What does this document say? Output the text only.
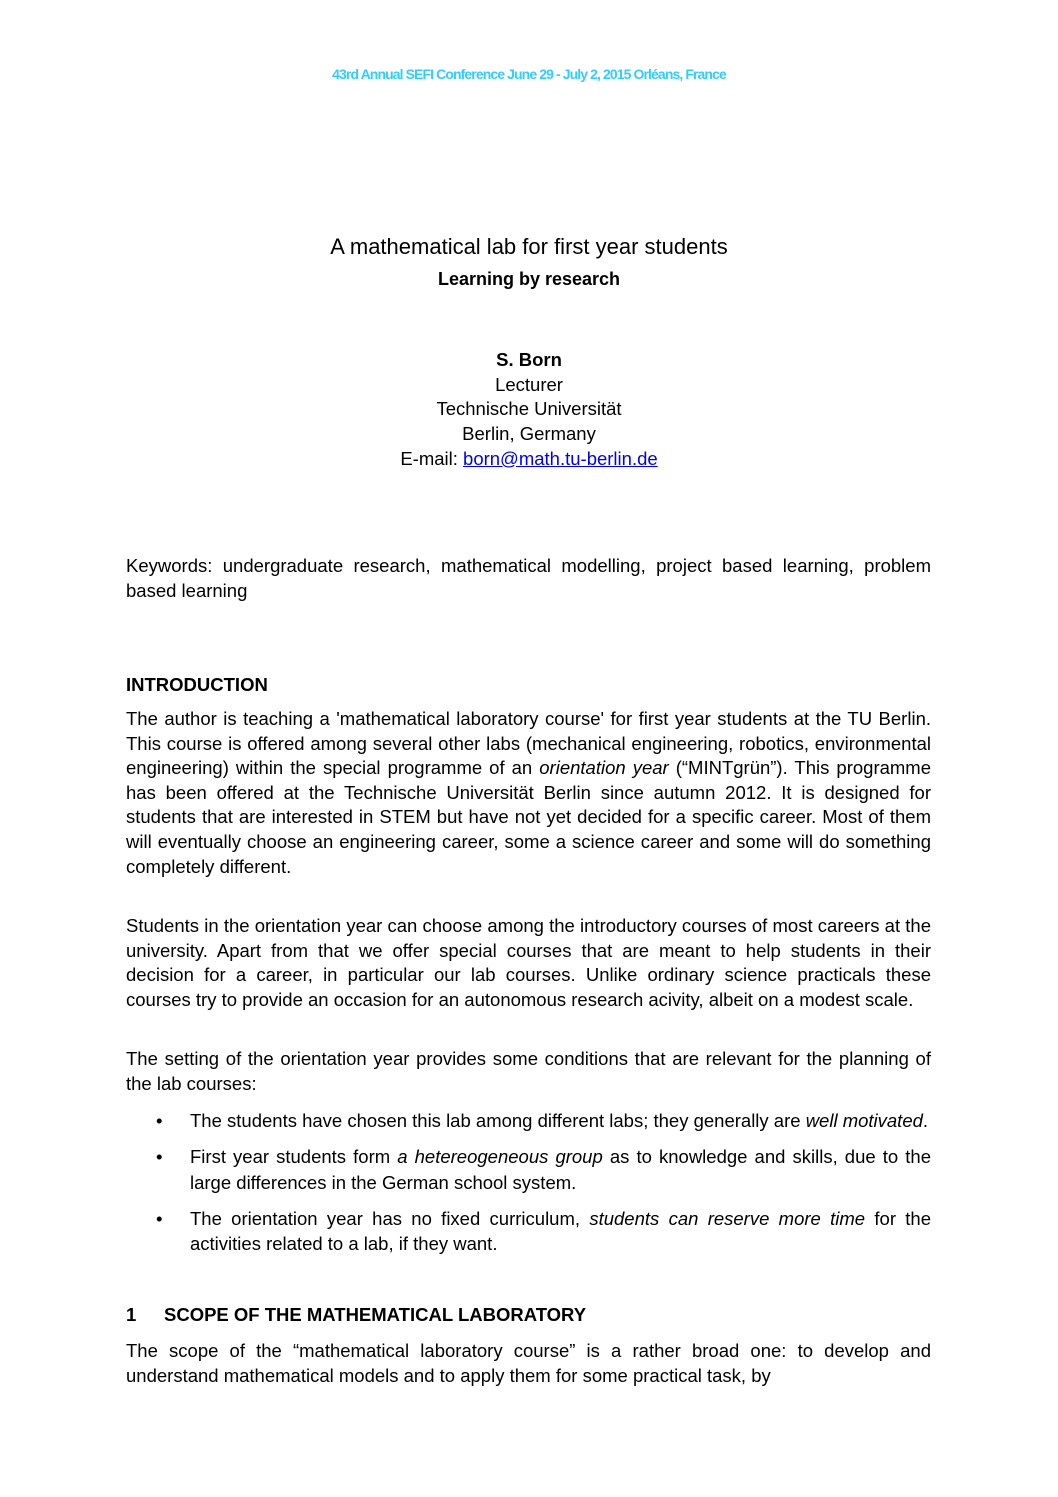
43rd Annual SEFI Conference June 29 - July 2, 2015 Orléans, France
A mathematical lab for first year students
Learning by research
S. Born
Lecturer
Technische Universität
Berlin, Germany
E-mail: born@math.tu-berlin.de

Keywords: undergraduate research, mathematical modelling, project based learning, problem based learning

INTRODUCTION

The author is teaching a 'mathematical laboratory course' for first year students at the TU Berlin. This course is offered among several other labs (mechanical engineering, robotics, environmental engineering) within the special programme of an orientation year (“MINTgrün”). This programme has been offered at the Technische Universität Berlin since autumn 2012. It is designed for students that are interested in STEM but have not yet decided for a specific career. Most of them will eventually choose an engineering career, some a science career and some will do something completely different.

Students in the orientation year can choose among the introductory courses of most careers at the university. Apart from that we offer special courses that are meant to help students in their decision for a career, in particular our lab courses. Unlike ordinary science practicals these courses try to provide an occasion for an autonomous research acivity, albeit on a modest scale.

The setting of the orientation year provides some conditions that are relevant for the planning of the lab courses:

• The students have chosen this lab among different labs; they generally are well motivated.
• First year students form a hetereogeneous group as to knowledge and skills, due to the large differences in the German school system.
• The orientation year has no fixed curriculum, students can reserve more time for the activities related to a lab, if they want.
1 SCOPE OF THE MATHEMATICAL LABORATORY

The scope of the “mathematical laboratory course” is a rather broad one: to develop and understand mathematical models and to apply them for some practical task, by
